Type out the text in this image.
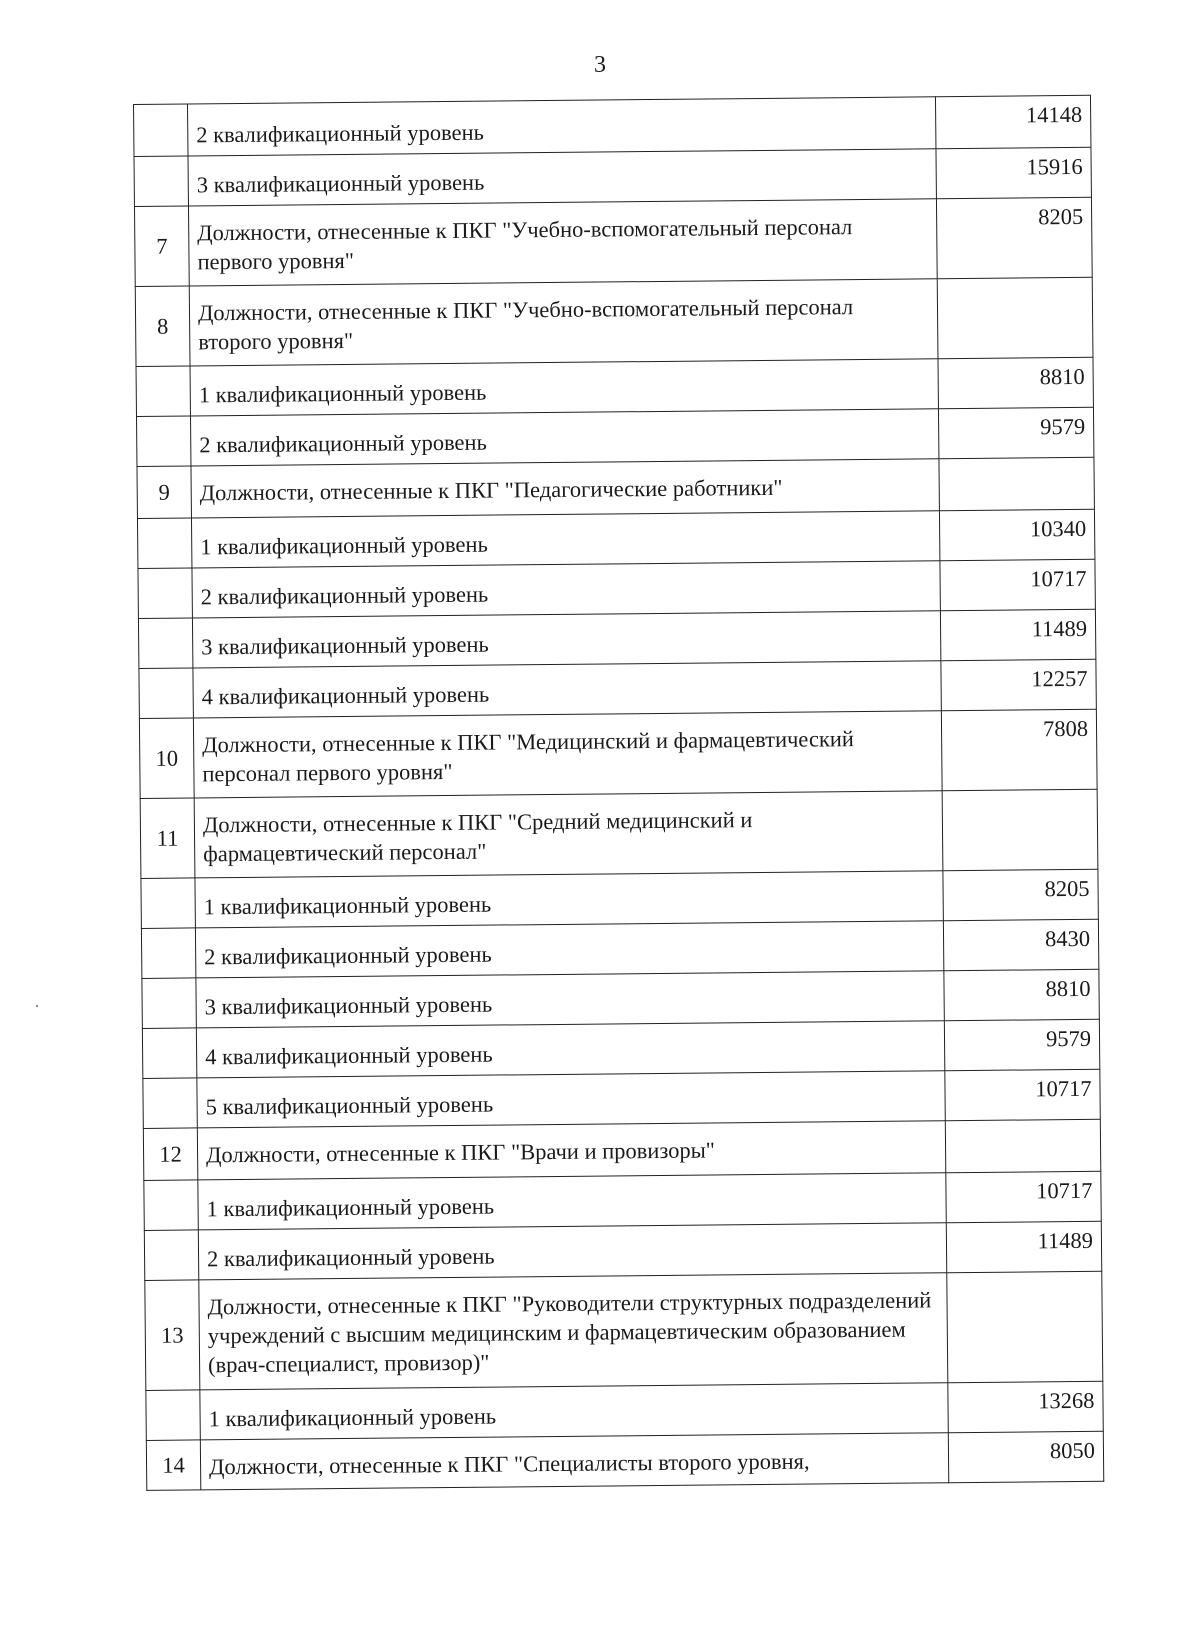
3
	2 квалификационный уровень	14148
	3 квалификационный уровень	15916
7	Должности, отнесенные к ПКГ "Учебно-вспомогательный персонал первого уровня"	8205
8	Должности, отнесенные к ПКГ "Учебно-вспомогательный персонал второго уровня"	
	1 квалификационный уровень	8810
	2 квалификационный уровень	9579
9	Должности, отнесенные к ПКГ "Педагогические работники"	
	1 квалификационный уровень	10340
	2 квалификационный уровень	10717
	3 квалификационный уровень	11489
	4 квалификационный уровень	12257
10	Должности, отнесенные к ПКГ "Медицинский и фармацевтический персонал первого уровня"	7808
11	Должности, отнесенные к ПКГ "Средний медицинский и фармацевтический персонал"	
	1 квалификационный уровень	8205
	2 квалификационный уровень	8430
	3 квалификационный уровень	8810
	4 квалификационный уровень	9579
	5 квалификационный уровень	10717
12	Должности, отнесенные к ПКГ "Врачи и провизоры"	
	1 квалификационный уровень	10717
	2 квалификационный уровень	11489
13	Должности, отнесенные к ПКГ "Руководители структурных подразделений учреждений с высшим медицинским и фармацевтическим образованием (врач-специалист, провизор)"	
	1 квалификационный уровень	13268
14	Должности, отнесенные к ПКГ "Специалисты второго уровня,	8050
